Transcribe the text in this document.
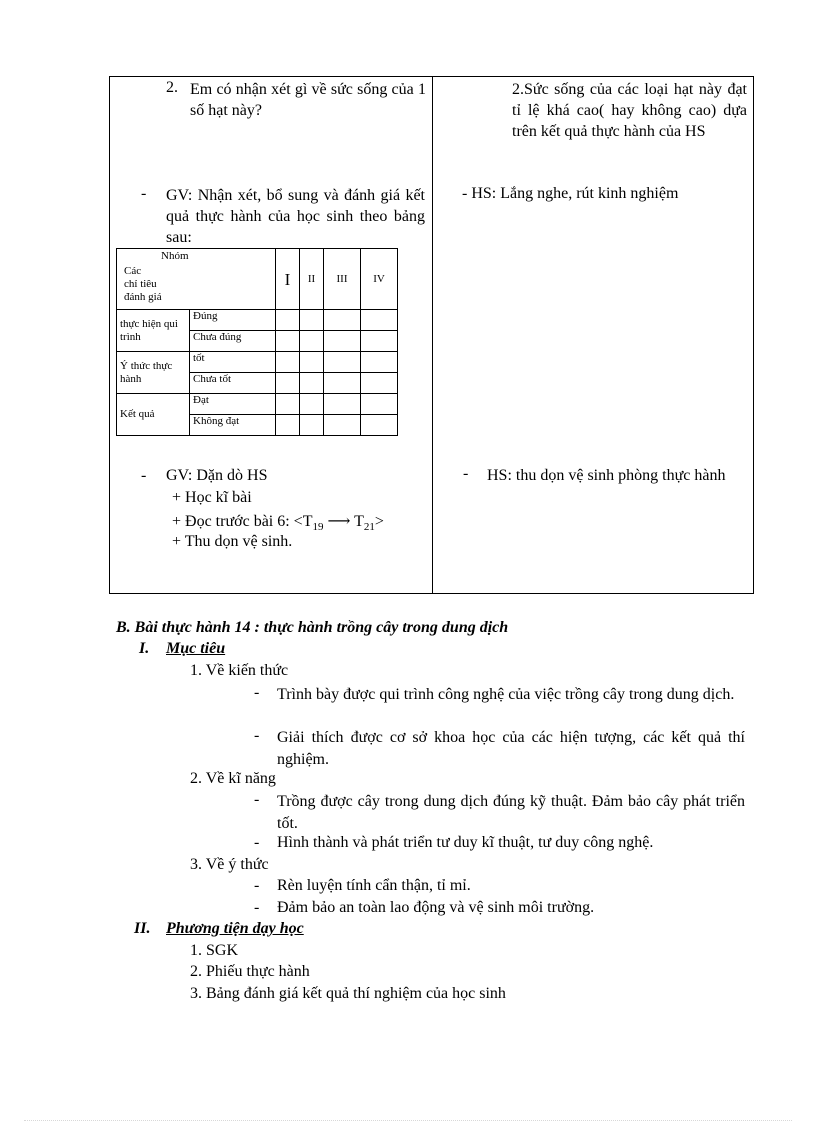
2. Em có nhận xét gì về sức sống của 1 số hạt này?
- GV: Nhận xét, bổ sung và đánh giá kết quả thực hành của học sinh theo bảng sau:
- GV: Dặn dò HS
+ Học kĩ bài
+ Đọc trước bài 6: $<T_{19}$ ⟶ $T_{21}>$
+ Thu dọn vệ sinh.
2.Sức sống của các loại hạt này đạt tỉ lệ khá cao( hay không cao) dựa trên kết quả thực hành của HS
- HS: Lắng nghe, rút kinh nghiệm
- HS: thu dọn vệ sinh phòng thực hành
Nhóm
Các
chỉ tiêu
đánh giá		I	II	III	IV
thực hiện qui trình	Đúng				
	Chưa đúng				
Ý thức thực hành	tốt				
	Chưa tốt				
Kết quả	Đạt				
	Không đạt				
B. Bài thực hành 14 : thực hành trồng cây trong dung dịch
I. Mục tiêu
1. Về kiến thức
- Trình bày được qui trình công nghệ của việc trồng cây trong dung dịch.
- Giải thích được cơ sở khoa học của các hiện tượng, các kết quả thí nghiệm.
2. Về kĩ năng
- Trồng được cây trong dung dịch đúng kỹ thuật. Đảm bảo cây phát triển tốt.
- Hình thành và phát triển tư duy kĩ thuật, tư duy công nghệ.
3. Về ý thức
- Rèn luyện tính cẩn thận, tỉ mỉ.
- Đảm bảo an toàn lao động và vệ sinh môi trường.
II. Phương tiện dạy học
1. SGK
2. Phiếu thực hành
3. Bảng đánh giá kết quả thí nghiệm của học sinh
